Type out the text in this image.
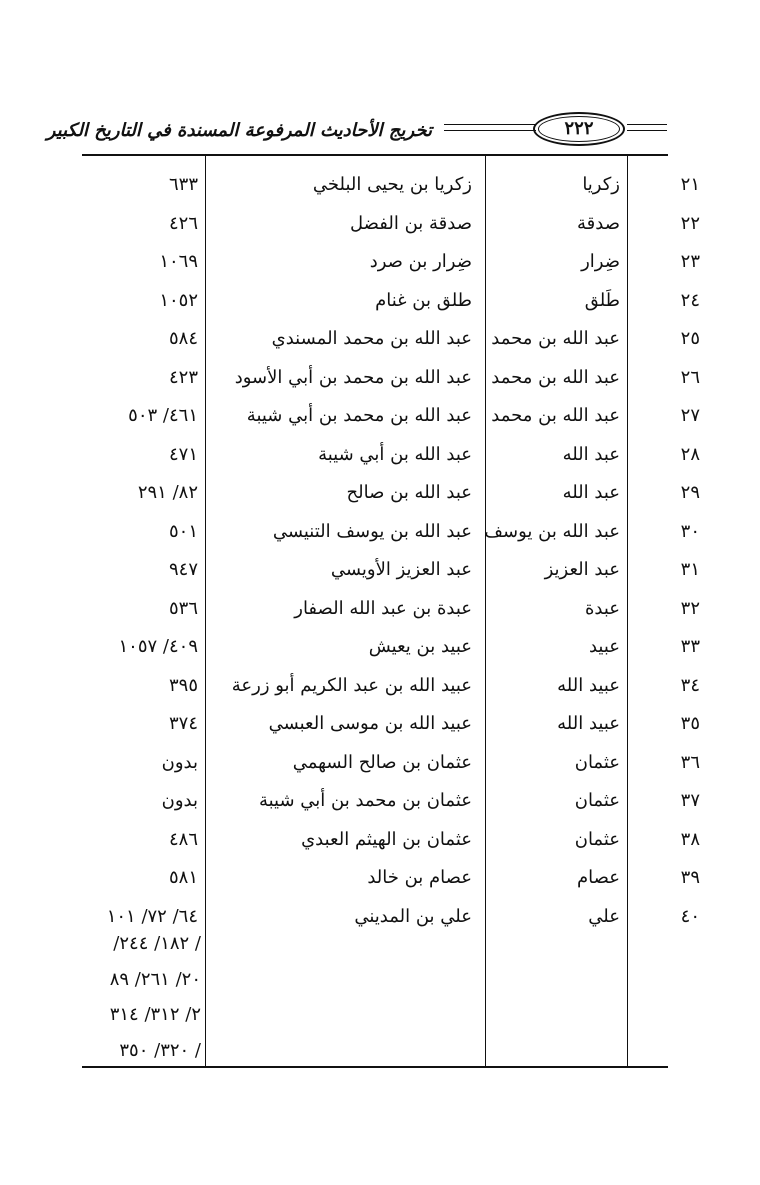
٢٢٢
تخريج الأحاديث المرفوعة المسندة في التاريخ الكبير
٢١
زكريا
زكريا بن يحيى البلخي
٦٣٣
٢٢
صدقة
صدقة بن الفضل
٤٢٦
٢٣
ضِرار
ضِرار بن صرد
١٠٦٩
٢٤
طَلق
طلق بن غنام
١٠٥٢
٢٥
عبد الله بن محمد
عبد الله بن محمد المسندي
٥٨٤
٢٦
عبد الله بن محمد
عبد الله بن محمد بن أبي الأسود
٤٢٣
٢٧
عبد الله بن محمد
عبد الله بن محمد بن أبي شيبة
٤٦١/ ٥٠٣
٢٨
عبد الله
عبد الله بن أبي شيبة
٤٧١
٢٩
عبد الله
عبد الله بن صالح
٨٢/ ٢٩١
٣٠
عبد الله بن يوسف
عبد الله بن يوسف التنيسي
٥٠١
٣١
عبد العزيز
عبد العزيز الأويسي
٩٤٧
٣٢
عبدة
عبدة بن عبد الله الصفار
٥٣٦
٣٣
عبيد
عبيد بن يعيش
٤٠٩/ ١٠٥٧
٣٤
عبيد الله
عبيد الله بن عبد الكريم أبو زرعة
٣٩٥
٣٥
عبيد الله
عبيد الله بن موسى العبسي
٣٧٤
٣٦
عثمان
عثمان بن صالح السهمي
بدون
٣٧
عثمان
عثمان بن محمد بن أبي شيبة
بدون
٣٨
عثمان
عثمان بن الهيثم العبدي
٤٨٦
٣٩
عصام
عصام بن خالد
٥٨١
٤٠
علي
علي بن المديني
٦٤/ ٧٢/ ١٠١
/ ١٨٢/ ٢٤٤/
٢٠/ ٢٦١/ ٨٩
٢/ ٣١٢/ ٣١٤
/ ٣٢٠/ ٣٥٠
